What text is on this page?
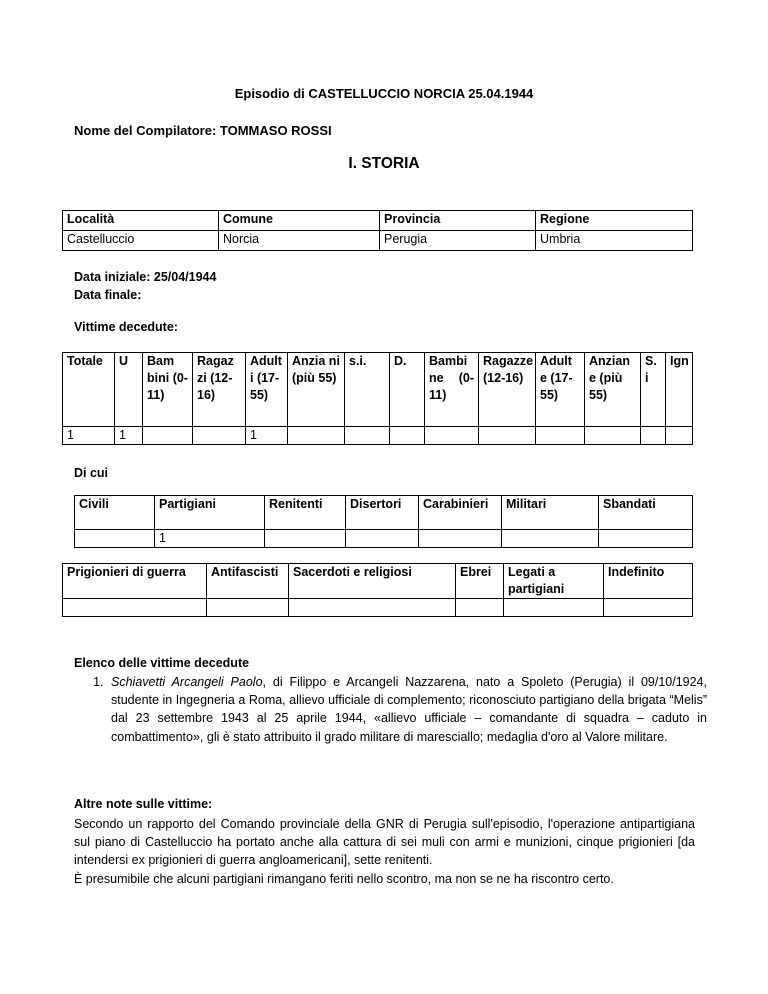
Episodio di CASTELLUCCIO NORCIA 25.04.1944
Nome del Compilatore: TOMMASO ROSSI
I. STORIA
Località	Comune	Provincia	Regione
Castelluccio	Norcia	Perugia	Umbria
Data iniziale: 25/04/1944
Data finale:
Vittime decedute:
Totale	U	Bam bini (0- 11)	Ragaz zi (12- 16)	Adult i (17- 55)	Anzia ni (più 55)	s.i.	D.	Bambi ne (0- 11)	Ragazze (12-16)	Adult e (17- 55)	Anzian e (più 55)	S. i	Ign
1	1			1									
Di cui
Civili	Partigiani	Renitenti	Disertori	Carabinieri	Militari	Sbandati
	1					
Prigionieri di guerra	Antifascisti	Sacerdoti e religiosi	Ebrei	Legati a partigiani	Indefinito

Elenco delle vittime decedute
1. Schiavetti Arcangeli Paolo, di Filippo e Arcangeli Nazzarena, nato a Spoleto (Perugia) il 09/10/1924, studente in Ingegneria a Roma, allievo ufficiale di complemento; riconosciuto partigiano della brigata “Melis” dal 23 settembre 1943 al 25 aprile 1944, «allievo ufficiale – comandante di squadra – caduto in combattimento», gli è stato attribuito il grado militare di maresciallo; medaglia d'oro al Valore militare.
Altre note sulle vittime:

Secondo un rapporto del Comando provinciale della GNR di Perugia sull'episodio, l'operazione antipartigiana sul piano di Castelluccio ha portato anche alla cattura di sei muli con armi e munizioni, cinque prigionieri [da intendersi ex prigionieri di guerra angloamericani], sette renitenti.

È presumibile che alcuni partigiani rimangano feriti nello scontro, ma non se ne ha riscontro certo.
